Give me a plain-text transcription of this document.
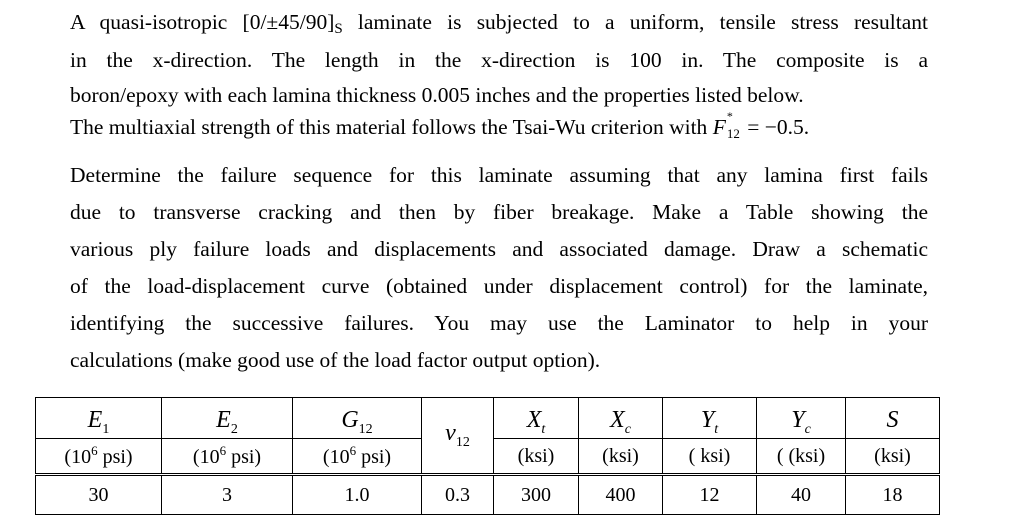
A quasi-isotropic $[0/\pm 45/90]_S$ laminate is subjected to a uniform, tensile stress resultant
in the x-direction. The length in the x-direction is 100 in. The composite is a
boron/epoxy with each lamina thickness 0.005 inches and the properties listed below.
The multiaxial strength of this material follows the Tsai-Wu criterion with F *
12 = −0.5.
Determine the failure sequence for this laminate assuming that any lamina first fails
due to transverse cracking and then by fiber breakage. Make a Table showing the
various ply failure loads and displacements and associated damage. Draw a schematic
of the load-displacement curve (obtained under displacement control) for the laminate,
identifying the successive failures. You may use the Laminator to help in your
calculations (make good use of the load factor output option).
$E_1$	$E_2$	$G_{12}$	$\nu_{12}$	$X_t$	$X_c$	$Y_t$	$Y_c$	S
($10^6$ psi)	($10^6$ psi)	($10^6$ psi)		(ksi)	(ksi)	( ksi)	( (ksi)	(ksi)
30	3	1.0	0.3	300	400	12	40	18
